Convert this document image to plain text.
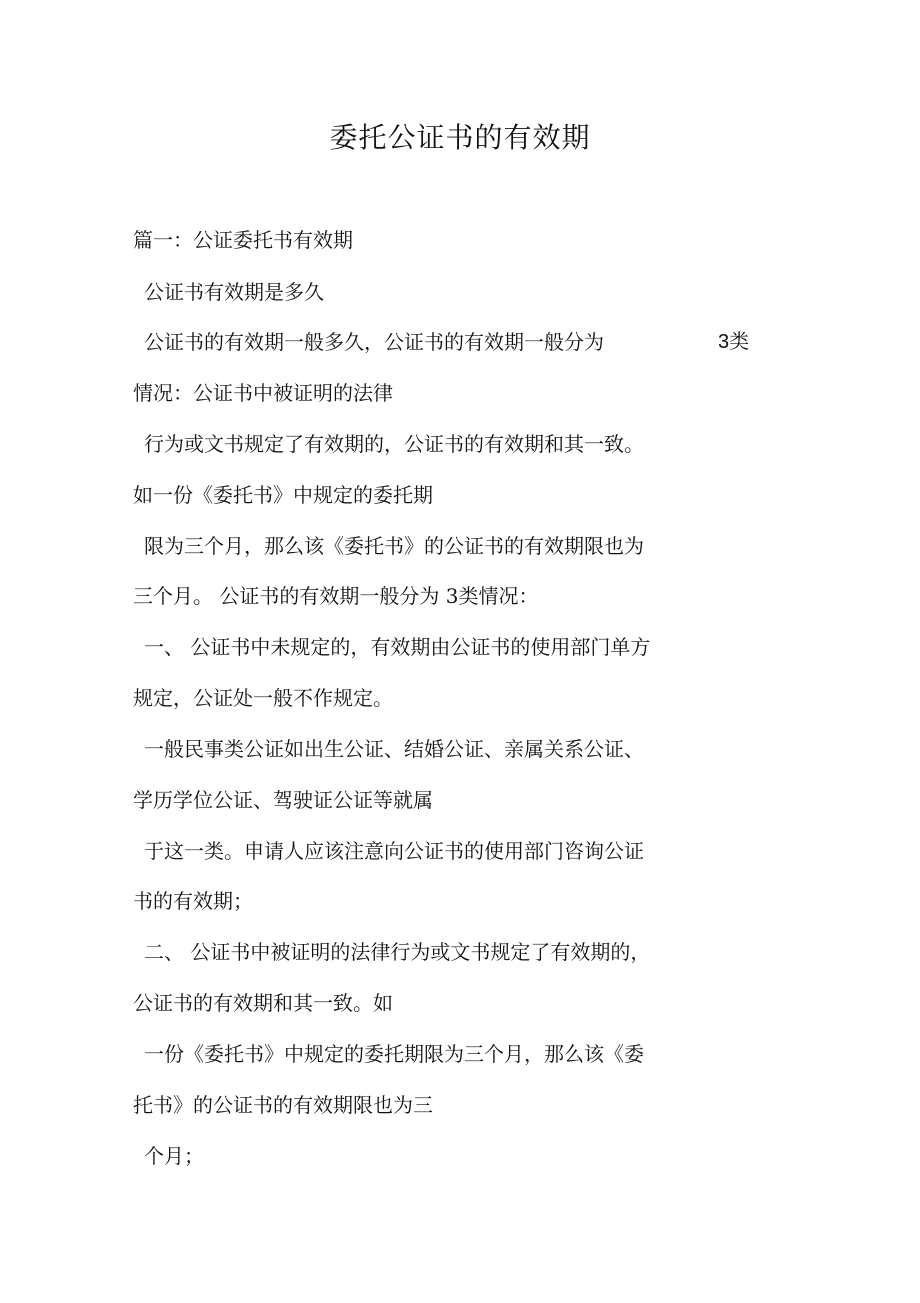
委托公证书的有效期

篇一：公证委托书有效期

公证书有效期是多久

公证书的有效期一般多久，公证书的有效期一般分为	3类

情况：公证书中被证明的法律

行为或文书规定了有效期的，公证书的有效期和其一致。

如一份《委托书》中规定的委托期

限为三个月，那么该《委托书》的公证书的有效期限也为

三个月。 公证书的有效期一般分为 3类情况：

一、 公证书中未规定的，有效期由公证书的使用部门单方

规定，公证处一般不作规定。

一般民事类公证如出生公证、结婚公证、亲属关系公证、

学历学位公证、驾驶证公证等就属

于这一类。申请人应该注意向公证书的使用部门咨询公证

书的有效期；

二、 公证书中被证明的法律行为或文书规定了有效期的，

公证书的有效期和其一致。如

一份《委托书》中规定的委托期限为三个月，那么该《委

托书》的公证书的有效期限也为三

个月；
